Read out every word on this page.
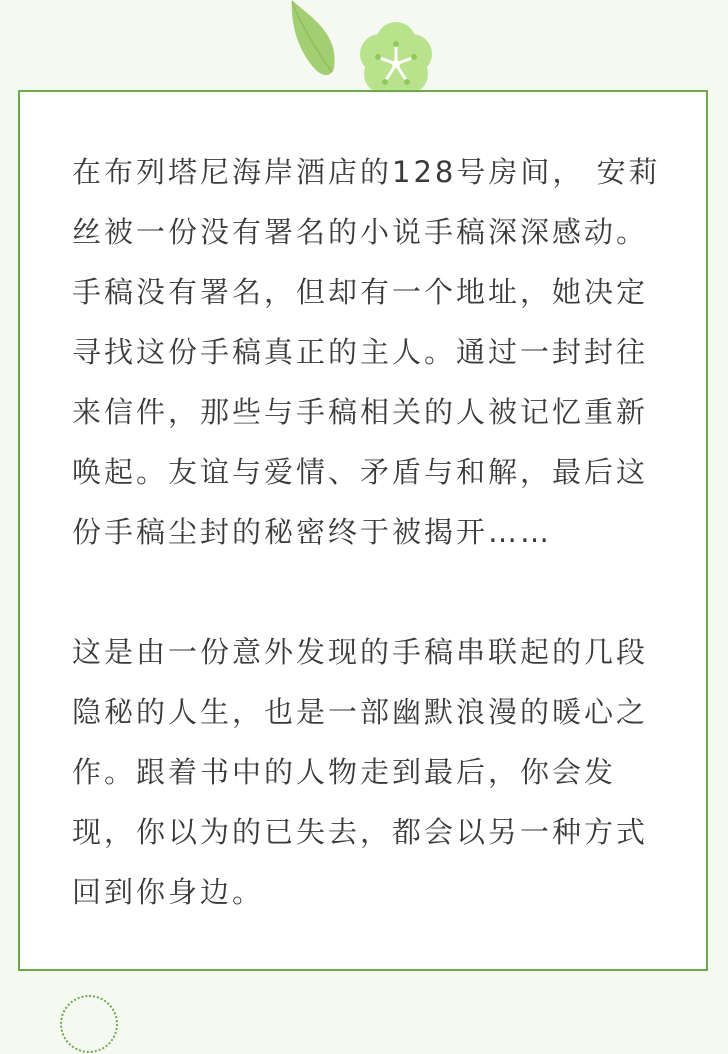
在布列塔尼海岸酒店的128号房间， 安莉丝被一份没有署名的小说手稿深深感动。手稿没有署名，但却有一个地址，她决定寻找这份手稿真正的主人。通过一封封往来信件，那些与手稿相关的人被记忆重新唤起。友谊与爱情、矛盾与和解，最后这份手稿尘封的秘密终于被揭开……
这是由一份意外发现的手稿串联起的几段隐秘的人生，也是一部幽默浪漫的暖心之作。跟着书中的人物走到最后，你会发现，你以为的已失去，都会以另一种方式回到你身边。
